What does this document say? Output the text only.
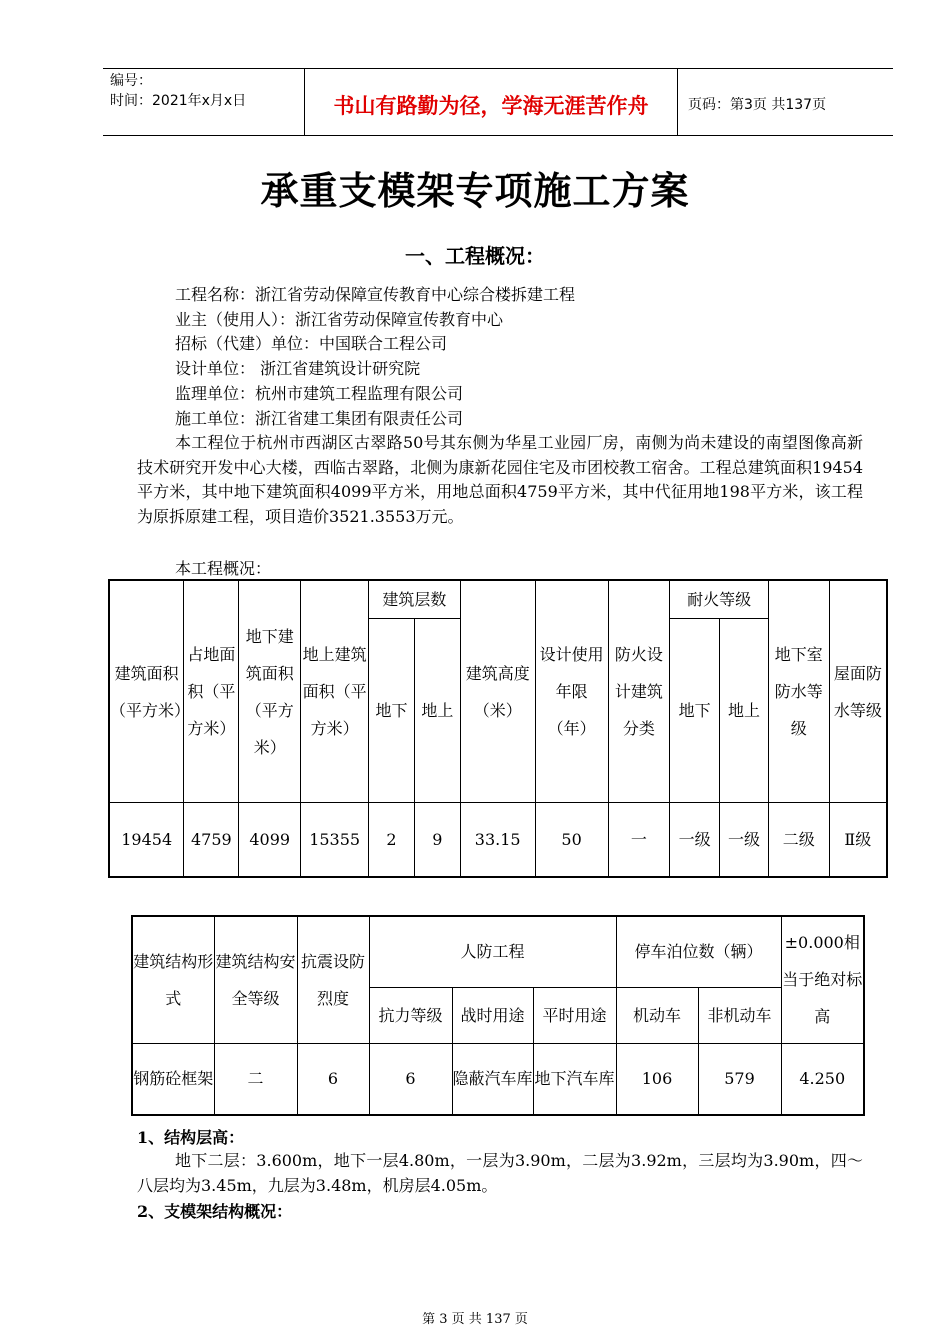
编号：
时间：2021年x月x日	书山有路勤为径，学海无涯苦作舟	页码：第3页 共137页
承重支模架专项施工方案
一、工程概况：
工程名称：浙江省劳动保障宣传教育中心综合楼拆建工程
业主（使用人）：浙江省劳动保障宣传教育中心
招标（代建）单位：中国联合工程公司
设计单位： 浙江省建筑设计研究院
监理单位：杭州市建筑工程监理有限公司
施工单位：浙江省建工集团有限责任公司
本工程位于杭州市西湖区古翠路50号其东侧为华星工业园厂房，南侧为尚未建设的南望图像高新技术研究开发中心大楼，西临古翠路，北侧为康新花园住宅及市团校教工宿舍。工程总建筑面积19454平方米，其中地下建筑面积4099平方米，用地总面积4759平方米，其中代征用地198平方米，该工程为原拆原建工程，项目造价3521.3553万元。
本工程概况：
建筑面积（平方米）	占地面积（平方米）	地下建筑面积（平方米）	地上建筑面积（平方米）	建筑层数		建筑高度（米）	设计使用年限（年）	防火设计建筑分类	耐火等级		地下室防水等级	屋面防水等级
				地下	地上				地下	地上		
19454	4759	4099	15355	2	9	33.15	50	一	一级	一级	二级	Ⅱ级
建筑结构形式	建筑结构安全等级	抗震设防烈度	人防工程			停车泊位数（辆）		±0.000相当于绝对标高
			抗力等级	战时用途	平时用途	机动车	非机动车	
钢筋砼框架	二	6	6	隐蔽汽车库	地下汽车库	106	579	4.250
1、结构层高：
地下二层：3.600m，地下一层4.80m，一层为3.90m，二层为3.92m，三层均为3.90m，四～八层均为3.45m，九层为3.48m，机房层4.05m。
2、支模架结构概况：
第 3 页 共 137 页
